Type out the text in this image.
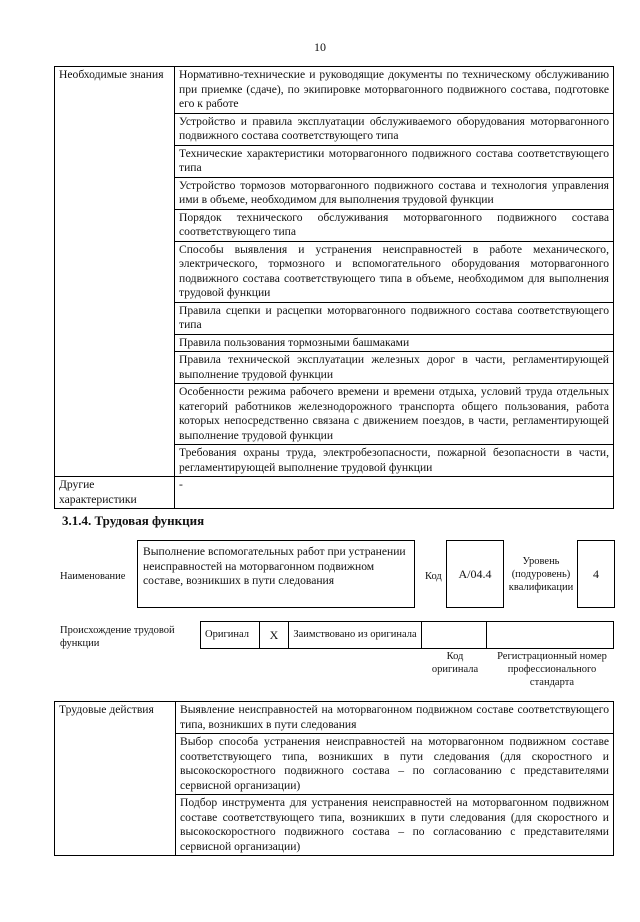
10
Необходимые знания	Нормативно-технические и руководящие документы по техническому обслуживанию при приемке (сдаче), по экипировке моторвагонного подвижного состава, подготовке его к работе
	Устройство и правила эксплуатации обслуживаемого оборудования моторвагонного подвижного состава соответствующего типа
	Технические характеристики моторвагонного подвижного состава соответствующего типа
	Устройство тормозов моторвагонного подвижного состава и технология управления ими в объеме, необходимом для выполнения трудовой функции
	Порядок технического обслуживания моторвагонного подвижного состава соответствующего типа
	Способы выявления и устранения неисправностей в работе механического, электрического, тормозного и вспомогательного оборудования моторвагонного подвижного состава соответствующего типа в объеме, необходимом для выполнения трудовой функции
	Правила сцепки и расцепки моторвагонного подвижного состава соответствующего типа
	Правила пользования тормозными башмаками
	Правила технической эксплуатации железных дорог в части, регламентирующей выполнение трудовой функции
	Особенности режима рабочего времени и времени отдыха, условий труда отдельных категорий работников железнодорожного транспорта общего пользования, работа которых непосредственно связана с движением поездов, в части, регламентирующей выполнение трудовой функции
	Требования охраны труда, электробезопасности, пожарной безопасности в части, регламентирующей выполнение трудовой функции
Другие характеристики	-
3.1.4. Трудовая функция
Наименование
Выполнение вспомогательных работ при устранении неисправностей на моторвагонном подвижном составе, возникших в пути следования	Код	А/04.4
Уровень (подуровень) квалификации
4
Происхождение трудовой функции
Оригинал	X	Заимствовано из оригинала		
Код оригинала
Регистрационный номер профессионального стандарта
Трудовые действия	Выявление неисправностей на моторвагонном подвижном составе соответствующего типа, возникших в пути следования
Выбор способа устранения неисправностей на моторвагонном подвижном составе соответствующего типа, возникших в пути следования (для скоростного и высокоскоростного подвижного состава – по согласованию с представителями сервисной организации)
Подбор инструмента для устранения неисправностей на моторвагонном подвижном составе соответствующего типа, возникших в пути следования (для скоростного и высокоскоростного подвижного состава – по согласованию с представителями сервисной организации)
